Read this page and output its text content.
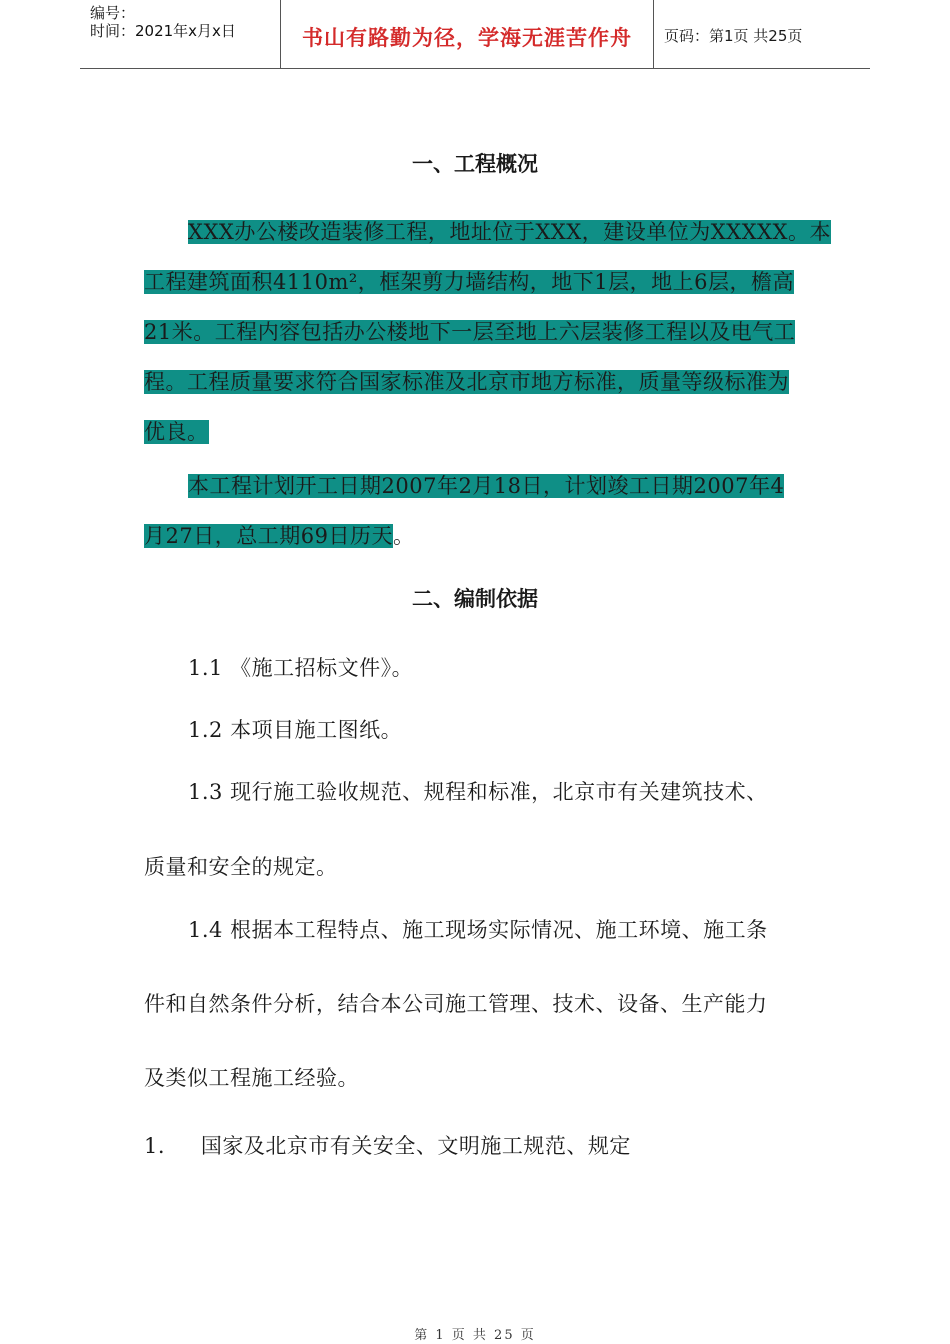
编号：
时间：2021年x月x日	书山有路勤为径，学海无涯苦作舟	页码：第1页 共25页
一、工程概况
XXX办公楼改造装修工程，地址位于XXX，建设单位为XXXXX。本
工程建筑面积4110m²，框架剪力墙结构，地下1层，地上6层，檐高
21米。工程内容包括办公楼地下一层至地上六层装修工程以及电气工
程。工程质量要求符合国家标准及北京市地方标准，质量等级标准为
优良。
本工程计划开工日期2007年2月18日，计划竣工日期2007年4
月27日，总工期69日历天。
二、编制依据
1.1 《施工招标文件》。
1.2 本项目施工图纸。
1.3 现行施工验收规范、规程和标准，北京市有关建筑技术、
质量和安全的规定。
1.4 根据本工程特点、施工现场实际情况、施工环境、施工条
件和自然条件分析，结合本公司施工管理、技术、设备、生产能力
及类似工程施工经验。
1.     国家及北京市有关安全、文明施工规范、规定
第 1 页 共 25 页
